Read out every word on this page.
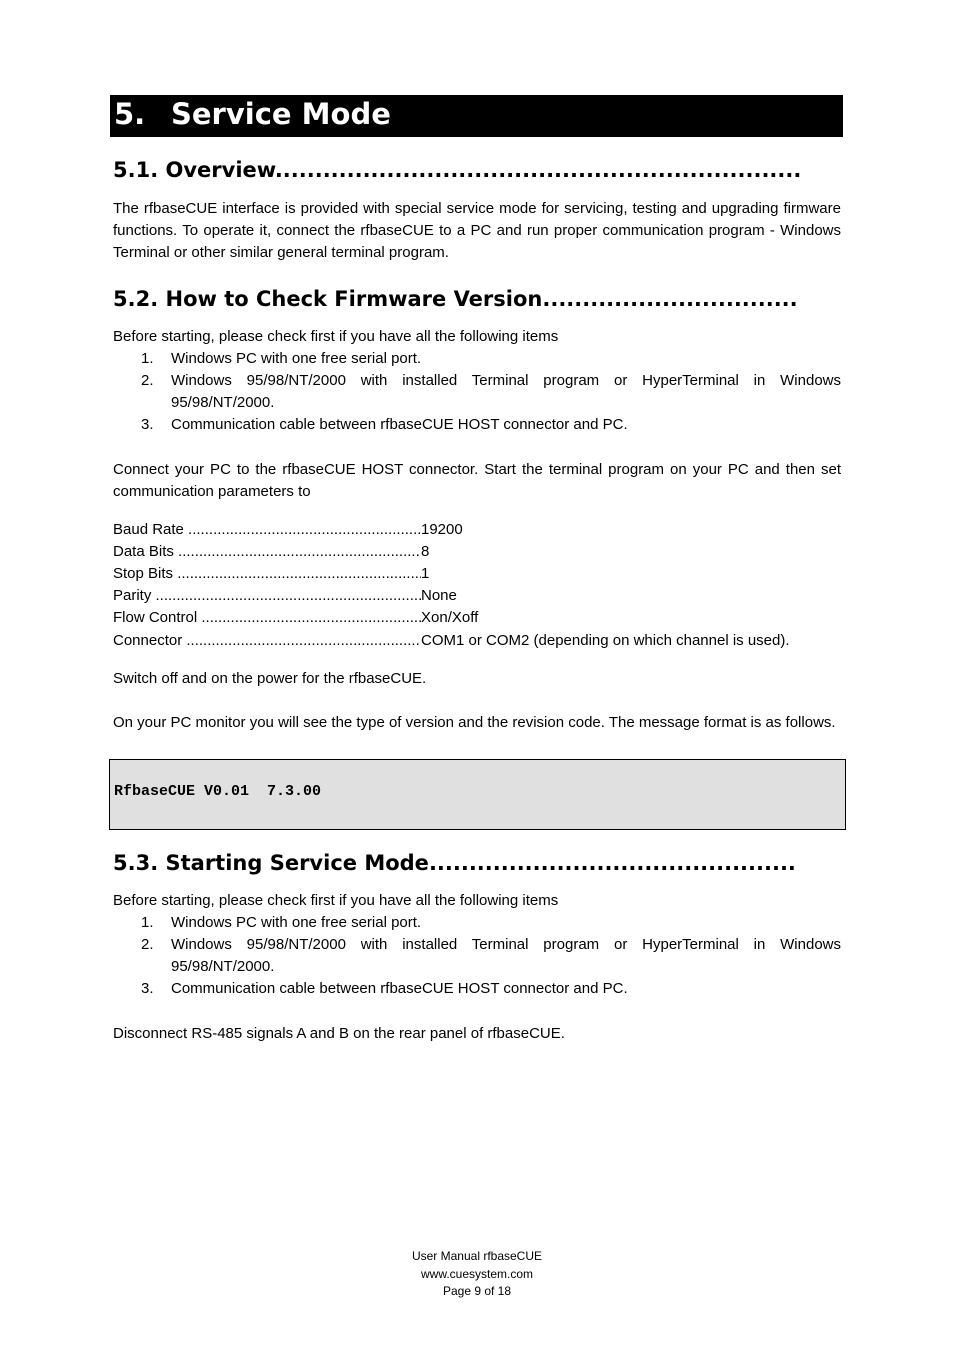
5. Service Mode
5.1. Overview..................................................................

The rfbaseCUE interface is provided with special service mode for servicing, testing and upgrading firmware functions. To operate it, connect the rfbaseCUE to a PC and run proper communication program - Windows Terminal or other similar general terminal program.

5.2. How to Check Firmware Version................................

Before starting, please check first if you have all the following items

1. Windows PC with one free serial port.
2. Windows 95/98/NT/2000 with installed Terminal program or HyperTerminal in Windows 95/98/NT/2000.
3. Communication cable between rfbaseCUE HOST connector and PC.

Connect your PC to the rfbaseCUE HOST connector. Start the terminal program on your PC and then set communication parameters to

Baud Rate .....	19200
Data Bits .....	8
Stop Bits .....	1
Parity .....	None
Flow Control .....	Xon/Xoff
Connector .....	COM1 or COM2 (depending on which channel is used).

Switch off and on the power for the rfbaseCUE.

On your PC monitor you will see the type of version and the revision code. The message format is as follows.

RfbaseCUE V0.01  7.3.00
5.3. Starting Service Mode..............................................

Before starting, please check first if you have all the following items

1. Windows PC with one free serial port.
2. Windows 95/98/NT/2000 with installed Terminal program or HyperTerminal in Windows 95/98/NT/2000.
3. Communication cable between rfbaseCUE HOST connector and PC.

Disconnect RS-485 signals A and B on the rear panel of rfbaseCUE.

User Manual rfbaseCUE
www.cuesystem.com
Page 9 of 18
